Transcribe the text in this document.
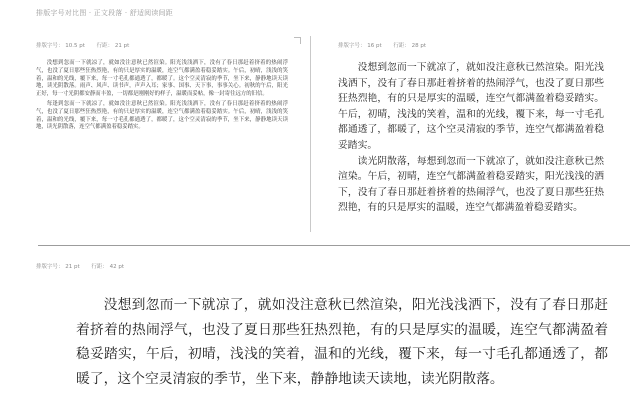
排版字号对比图 · 正文段落 · 舒适阅读间距
排版字号： 10.5 pt 行距： 21 pt

没想到忽而一下就凉了，就如没注意秋已然渲染。阳光浅浅洒下，没有了春日那赶着挤着的热闹浮气，也没了夏日那些狂热烈艳，有的只是厚实的温暖，连空气都满盈着稳妥踏实。午后，初晴，浅浅的笑着，温和的光线，覆下来，每一寸毛孔都通透了，都暖了。这个空灵清寂的季节，坐下来，静静地读天读地，读光阴散落。雨声、风声、读书声，声声入耳；家事、国事、天下事，事事关心。初秋的午后，阳光正好，每一寸光阴都安静而丰盈，一切都是刚刚好的样子，温暖而妥帖，像一封寄往远方的旧信。

每逢到忽而一下就凉了，就如没注意秋已然渲染。阳光浅浅洒下，没有了春日那赶着挤着的热闹浮气，也没了夏日那些狂热烈艳，有的只是厚实的温暖，连空气都满盈着稳妥踏实。午后，初晴，浅浅的笑着，温和的光线，覆下来，每一寸毛孔都通透了，都暖了，这个空灵清寂的季节，坐下来，静静地读天读地，读光阴散落，连空气都满盈着稳妥踏实。

排版字号： 16 pt 行距： 28 pt

没想到忽而一下就凉了，就如没注意秋已然渲染。阳光浅浅洒下，没有了春日那赶着挤着的热闹浮气，也没了夏日那些狂热烈艳，有的只是厚实的温暖，连空气都满盈着稳妥踏实。午后，初晴，浅浅的笑着，温和的光线，覆下来，每一寸毛孔都通透了，都暖了，这个空灵清寂的季节，连空气都满盈着稳妥踏实。

读光阴散落，每想到忽而一下就凉了，就如没注意秋已然渲染。午后，初晴，连空气都满盈着稳妥踏实，阳光浅浅的洒下，没有了春日那赶着挤着的热闹浮气，也没了夏日那些狂热烈艳，有的只是厚实的温暖，连空气都满盈着稳妥踏实。

排版字号： 21 pt 行距： 42 pt

没想到忽而一下就凉了，就如没注意秋已然渲染，阳光浅浅洒下，没有了春日那赶着挤着的热闹浮气，也没了夏日那些狂热烈艳，有的只是厚实的温暖，连空气都满盈着稳妥踏实，午后，初晴，浅浅的笑着，温和的光线，覆下来，每一寸毛孔都通透了，都暖了，这个空灵清寂的季节，坐下来，静静地读天读地，读光阴散落。
